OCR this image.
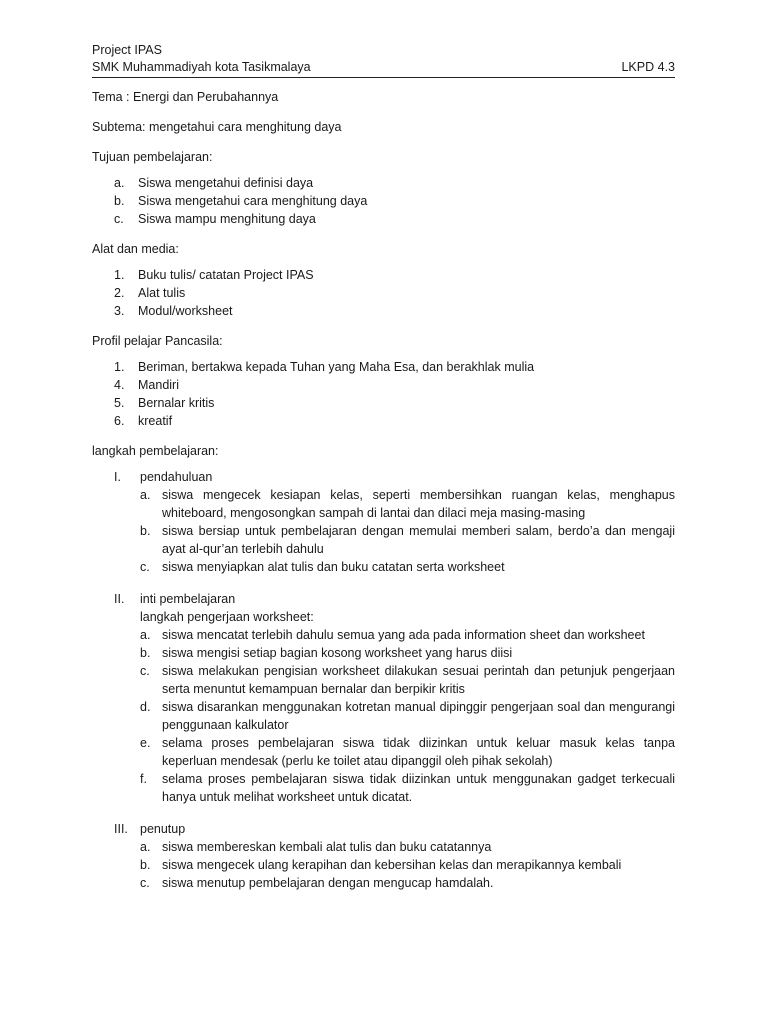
Project IPAS
SMK Muhammadiyah kota Tasikmalaya	LKPD 4.3
Tema : Energi dan Perubahannya
Subtema: mengetahui cara menghitung daya
Tujuan pembelajaran:
a.	Siswa mengetahui definisi daya
b.	Siswa mengetahui cara menghitung daya
c.	Siswa mampu menghitung daya
Alat dan media:
1.	Buku tulis/ catatan Project IPAS
2.	Alat tulis
3.	Modul/worksheet
Profil pelajar Pancasila:
1.	Beriman, bertakwa kepada Tuhan yang Maha Esa, dan berakhlak mulia
4.	Mandiri
5.	Bernalar kritis
6.	kreatif
langkah pembelajaran:
I.	pendahuluan
a. siswa mengecek kesiapan kelas, seperti membersihkan ruangan kelas, menghapus whiteboard, mengosongkan sampah di lantai dan dilaci meja masing-masing
b. siswa bersiap untuk pembelajaran dengan memulai memberi salam, berdo’a dan mengaji ayat al-qur’an terlebih dahulu
c. siswa menyiapkan alat tulis dan buku catatan serta worksheet
II.	inti pembelajaran
langkah pengerjaan worksheet:
a. siswa mencatat terlebih dahulu semua yang ada pada information sheet dan worksheet
b. siswa mengisi setiap bagian kosong worksheet yang harus diisi
c. siswa melakukan pengisian worksheet dilakukan sesuai perintah dan petunjuk pengerjaan serta menuntut kemampuan bernalar dan berpikir kritis
d. siswa disarankan menggunakan kotretan manual dipinggir pengerjaan soal dan mengurangi penggunaan kalkulator
e. selama proses pembelajaran siswa tidak diizinkan untuk keluar masuk kelas tanpa keperluan mendesak (perlu ke toilet atau dipanggil oleh pihak sekolah)
f.	selama proses pembelajaran siswa tidak diizinkan untuk menggunakan gadget terkecuali hanya untuk melihat worksheet untuk dicatat.
III. penutup
a. siswa membereskan kembali alat tulis dan buku catatannya
b. siswa mengecek ulang kerapihan dan kebersihan kelas dan merapikannya kembali
c. siswa menutup pembelajaran dengan mengucap hamdalah.
